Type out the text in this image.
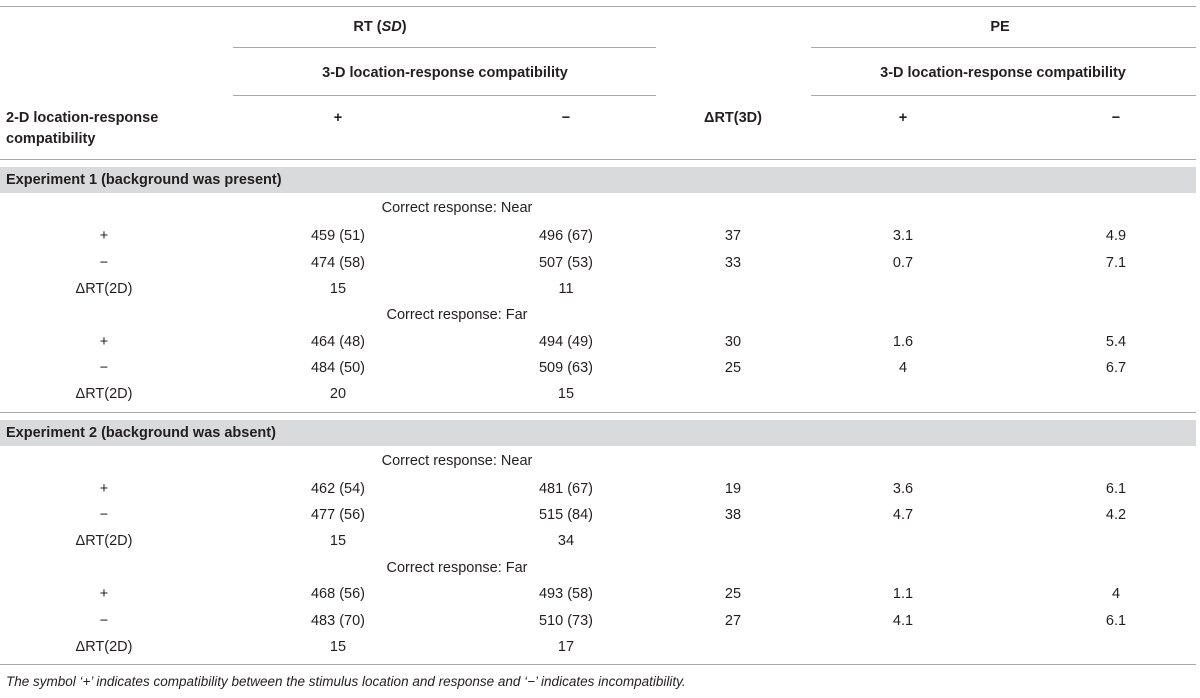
RT (SD)	PE
3-D location-response compatibility	3-D location-response compatibility
2-D location-response
compatibility
+	−	ΔRT(3D)	+	−
Experiment 1 (background was present)
Correct response: Near
+	459 (51)	496 (67)	37	3.1	4.9
−	474 (58)	507 (53)	33	0.7	7.1
ΔRT(2D)	15	11
Correct response: Far
+	464 (48)	494 (49)	30	1.6	5.4
−	484 (50)	509 (63)	25	4	6.7
ΔRT(2D)	20	15
Experiment 2 (background was absent)
Correct response: Near
+	462 (54)	481 (67)	19	3.6	6.1
−	477 (56)	515 (84)	38	4.7	4.2
ΔRT(2D)	15	34
Correct response: Far
+	468 (56)	493 (58)	25	1.1	4
−	483 (70)	510 (73)	27	4.1	6.1
ΔRT(2D)	15	17
The symbol ‘+’ indicates compatibility between the stimulus location and response and ‘−’ indicates incompatibility.
